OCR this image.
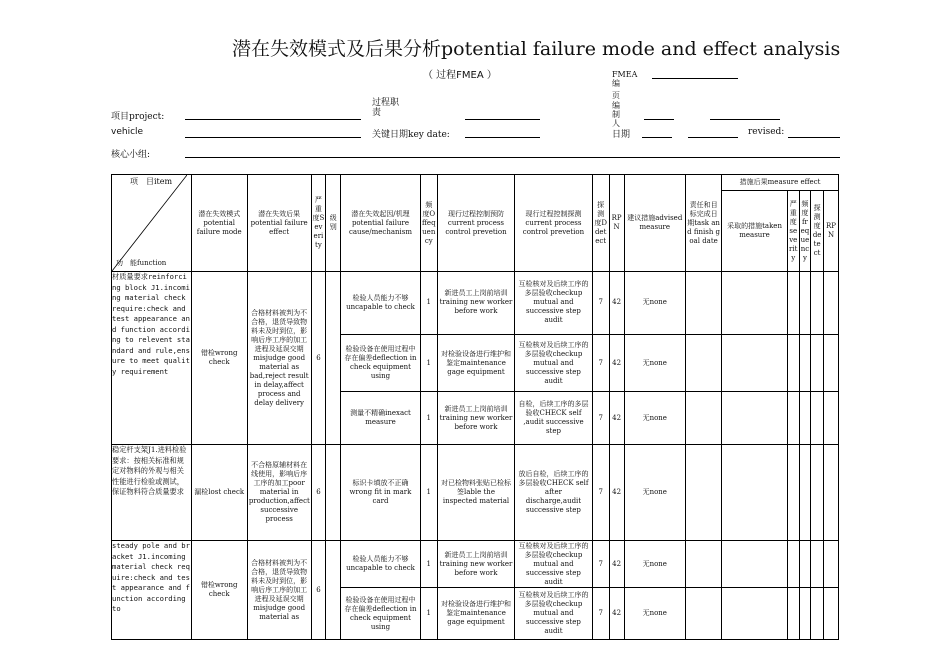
潜在失效模式及后果分析potential failure mode and effect analysis
（ 过程FMEA ）	FMEA编
页
编制人
项目project:
过程职责
vehicle	关键日期key date:	日期	revised:
核心小组:
项　目item
功　能function	潜在失效模式potential failure mode	潜在失效后果potential failure effect	严重度Severity	级别	潜在失效起因/机理potential failure cause/mechanism	频度Offequency	现行过程控制预防current process control prevetion	现行过程控制探测current process control prevetion	探测度Ddetect	RPN	建议措施advised measure	责任和目标完成日期task and finish goal date	措施后果measure effect				
													采取的措施taken measure	严重度severity	频度frequency	探测度detect	RPN

材质量要求reinforcing block J1.incoming material check require:check and test appearance and function according to relevent standard and rule,ensure to meet quality requirement	错检wrong check	合格材料被判为不合格，退货导致物料未及时到位，影响后序工序的加工进程及延误交期misjudge good material as bad,reject result in delay,affect process and delay delivery	6		检验人员能力不够uncapable to check	1	新进员工上岗前培训training new worker before work	互检核对及后续工序的多层验收checkup mutual and successive step audit	7	42	无none						
					检验设备在使用过程中存在偏差deflection in check equipment using	1	对检验设备进行维护和鉴定maintenance gage equipment	互检核对及后续工序的多层验收checkup mutual and successive step audit	7	42	无none						
					测量不精确inexact measure	1	新进员工上岗前培训training new worker before work	自检，后续工序的多层验收CHECK self ,audit successive step	7	42	无none						

稳定杆支架J1.进料检验要求：按相关标准和规定对物料的外观与相关性能进行检验或测试，保证物料符合质量要求	漏检lost check	不合格原辅材料在线使用，影响后序工序的加工poor material in production,affect successive process	6		标识卡填放不正确wrong fit in mark card	1	对已检物料张贴已检标签lable the inspected material	放后自检，后续工序的多层验收CHECK self after discharge,audit successive step	7	42	无none						

steady pole and bracket J1.incoming material check require:check and test appearance and function according to	错检wrong check	合格材料被判为不合格，退货导致物料未及时到位，影响后序工序的加工进程及延误交期misjudge good material as	6		检验人员能力不够uncapable to check	1	新进员工上岗前培训training new worker before work	互检核对及后续工序的多层验收checkup mutual and successive step audit	7	42	无none						
					检验设备在使用过程中存在偏差deflection in check equipment using	1	对检验设备进行维护和鉴定maintenance gage equipment	互检核对及后续工序的多层验收checkup mutual and successive step audit	7	42	无none						
